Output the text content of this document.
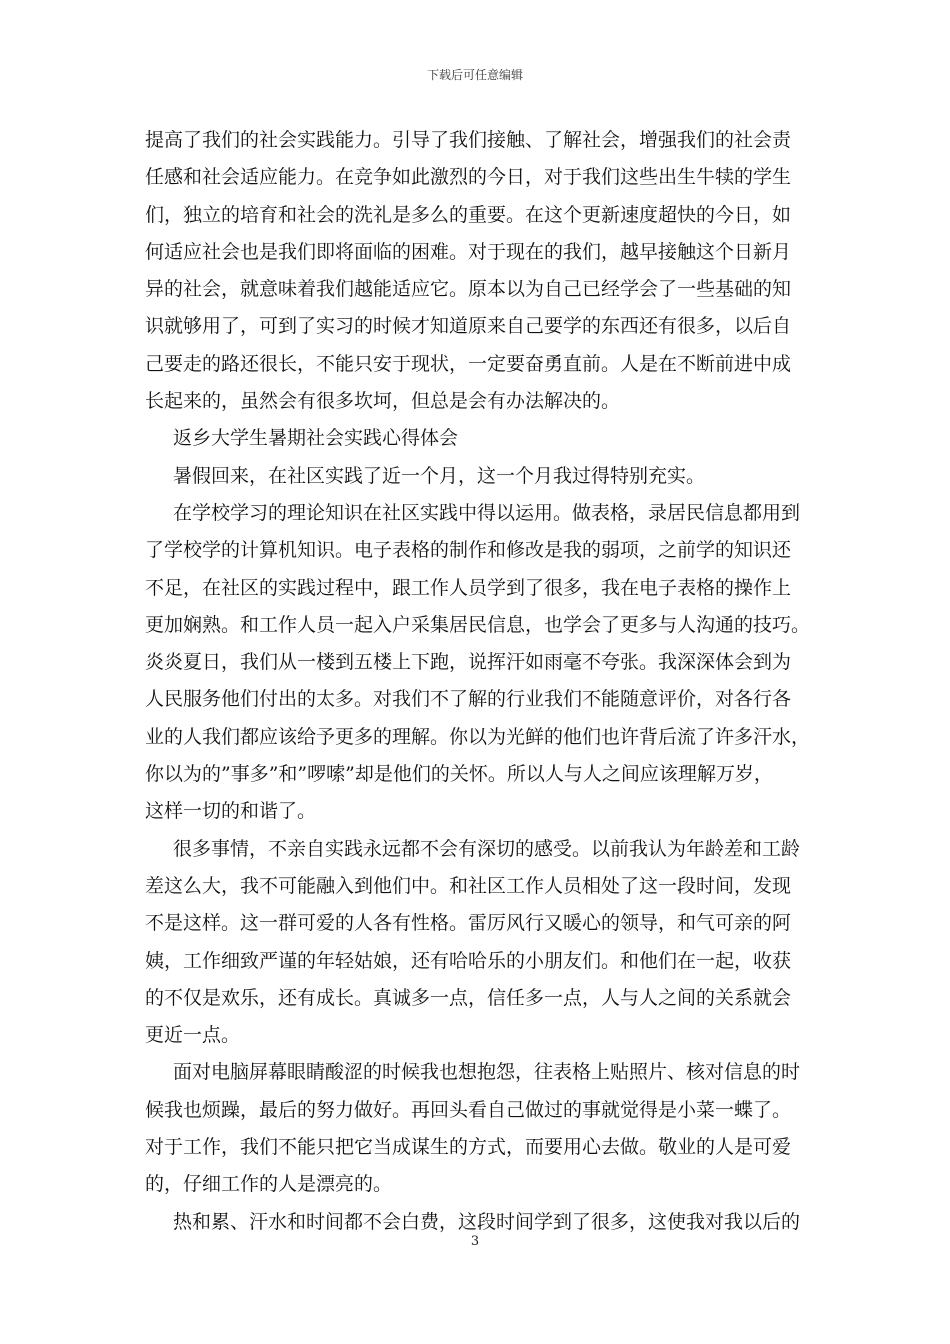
下载后可任意编辑
提高了我们的社会实践能力。引导了我们接触、了解社会，增强我们的社会责
任感和社会适应能力。在竞争如此激烈的今日，对于我们这些出生牛犊的学生
们，独立的培育和社会的洗礼是多么的重要。在这个更新速度超快的今日，如
何适应社会也是我们即将面临的困难。对于现在的我们，越早接触这个日新月
异的社会，就意味着我们越能适应它。原本以为自己已经学会了一些基础的知
识就够用了，可到了实习的时候才知道原来自己要学的东西还有很多，以后自
己要走的路还很长，不能只安于现状，一定要奋勇直前。人是在不断前进中成
长起来的，虽然会有很多坎坷，但总是会有办法解决的。
返乡大学生暑期社会实践心得体会
暑假回来，在社区实践了近一个月，这一个月我过得特别充实。
在学校学习的理论知识在社区实践中得以运用。做表格，录居民信息都用到
了学校学的计算机知识。电子表格的制作和修改是我的弱项，之前学的知识还
不足，在社区的实践过程中，跟工作人员学到了很多，我在电子表格的操作上
更加娴熟。和工作人员一起入户采集居民信息，也学会了更多与人沟通的技巧。
炎炎夏日，我们从一楼到五楼上下跑，说挥汗如雨毫不夸张。我深深体会到为
人民服务他们付出的太多。对我们不了解的行业我们不能随意评价，对各行各
业的人我们都应该给予更多的理解。你以为光鲜的他们也许背后流了许多汗水，
你以为的”事多”和”啰嗦”却是他们的关怀。所以人与人之间应该理解万岁，
这样一切的和谐了。
很多事情，不亲自实践永远都不会有深切的感受。以前我认为年龄差和工龄
差这么大，我不可能融入到他们中。和社区工作人员相处了这一段时间，发现
不是这样。这一群可爱的人各有性格。雷厉风行又暖心的领导，和气可亲的阿
姨，工作细致严谨的年轻姑娘，还有哈哈乐的小朋友们。和他们在一起，收获
的不仅是欢乐，还有成长。真诚多一点，信任多一点，人与人之间的关系就会
更近一点。
面对电脑屏幕眼睛酸涩的时候我也想抱怨，往表格上贴照片、核对信息的时
候我也烦躁，最后的努力做好。再回头看自己做过的事就觉得是小菜一蝶了。
对于工作，我们不能只把它当成谋生的方式，而要用心去做。敬业的人是可爱
的，仔细工作的人是漂亮的。
热和累、汗水和时间都不会白费，这段时间学到了很多，这使我对我以后的
3
